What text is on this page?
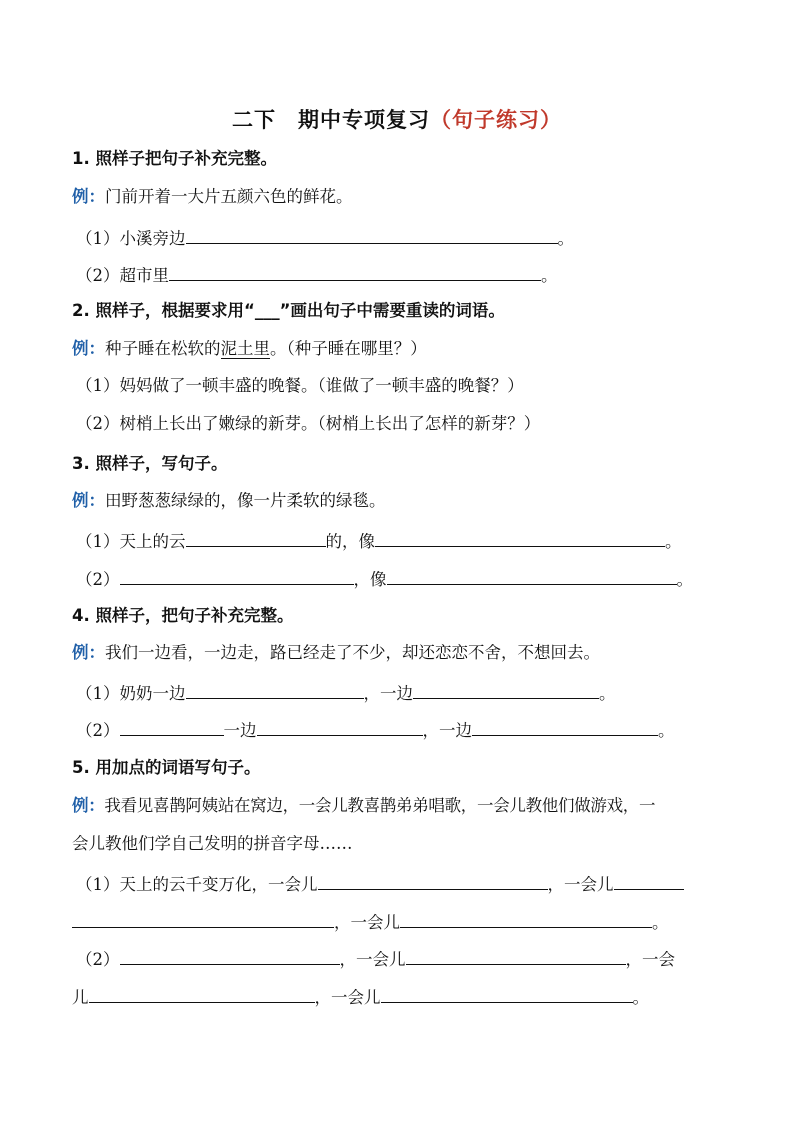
二下　期中专项复习（句子练习）
1. 照样子把句子补充完整。
例：门前开着一大片五颜六色的鲜花。
（1）小溪旁边	。
（2）超市里	。
2. 照样子，根据要求用“___”画出句子中需要重读的词语。
例：种子睡在松软的泥土里。（种子睡在哪里？）
（1）妈妈做了一顿丰盛的晚餐。（谁做了一顿丰盛的晚餐？）
（2）树梢上长出了嫩绿的新芽。（树梢上长出了怎样的新芽？）
3. 照样子，写句子。
例：田野葱葱绿绿的，像一片柔软的绿毯。
（1）天上的云	的，像	。
（2）	，像	。
4. 照样子，把句子补充完整。
例：我们一边看，一边走，路已经走了不少，却还恋恋不舍，不想回去。
（1）奶奶一边	，一边	。
（2）	一边	，一边	。
5. 用加点的词语写句子。
例：我看见喜鹊阿姨站在窝边，一会儿教喜鹊弟弟唱歌，一会儿教他们做游戏，一
会儿教他们学自己发明的拼音字母……
（1）天上的云千变万化，一会儿	，一会儿
，一会儿	。
（2）	，一会儿	，一会
儿	，一会儿	。
